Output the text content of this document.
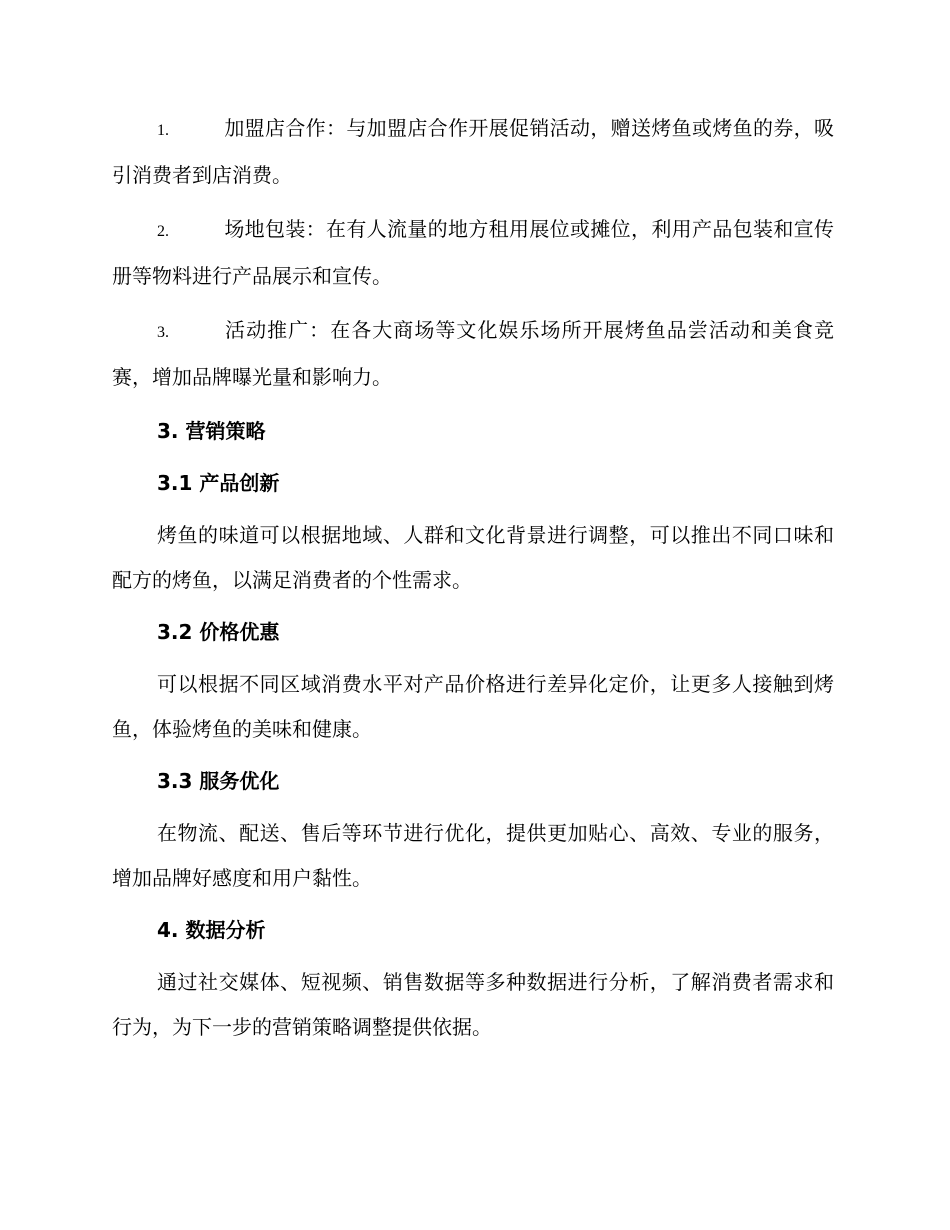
1.	加盟店合作：与加盟店合作开展促销活动，赠送烤鱼或烤鱼的券，吸引消费者到店消费。

2.	场地包装：在有人流量的地方租用展位或摊位，利用产品包装和宣传册等物料进行产品展示和宣传。

3.	活动推广：在各大商场等文化娱乐场所开展烤鱼品尝活动和美食竞赛，增加品牌曝光量和影响力。

3. 营销策略
3.1 产品创新

烤鱼的味道可以根据地域、人群和文化背景进行调整，可以推出不同口味和配方的烤鱼，以满足消费者的个性需求。

3.2 价格优惠

可以根据不同区域消费水平对产品价格进行差异化定价，让更多人接触到烤鱼，体验烤鱼的美味和健康。

3.3 服务优化

在物流、配送、售后等环节进行优化，提供更加贴心、高效、专业的服务，增加品牌好感度和用户黏性。

4. 数据分析

通过社交媒体、短视频、销售数据等多种数据进行分析，了解消费者需求和行为，为下一步的营销策略调整提供依据。
